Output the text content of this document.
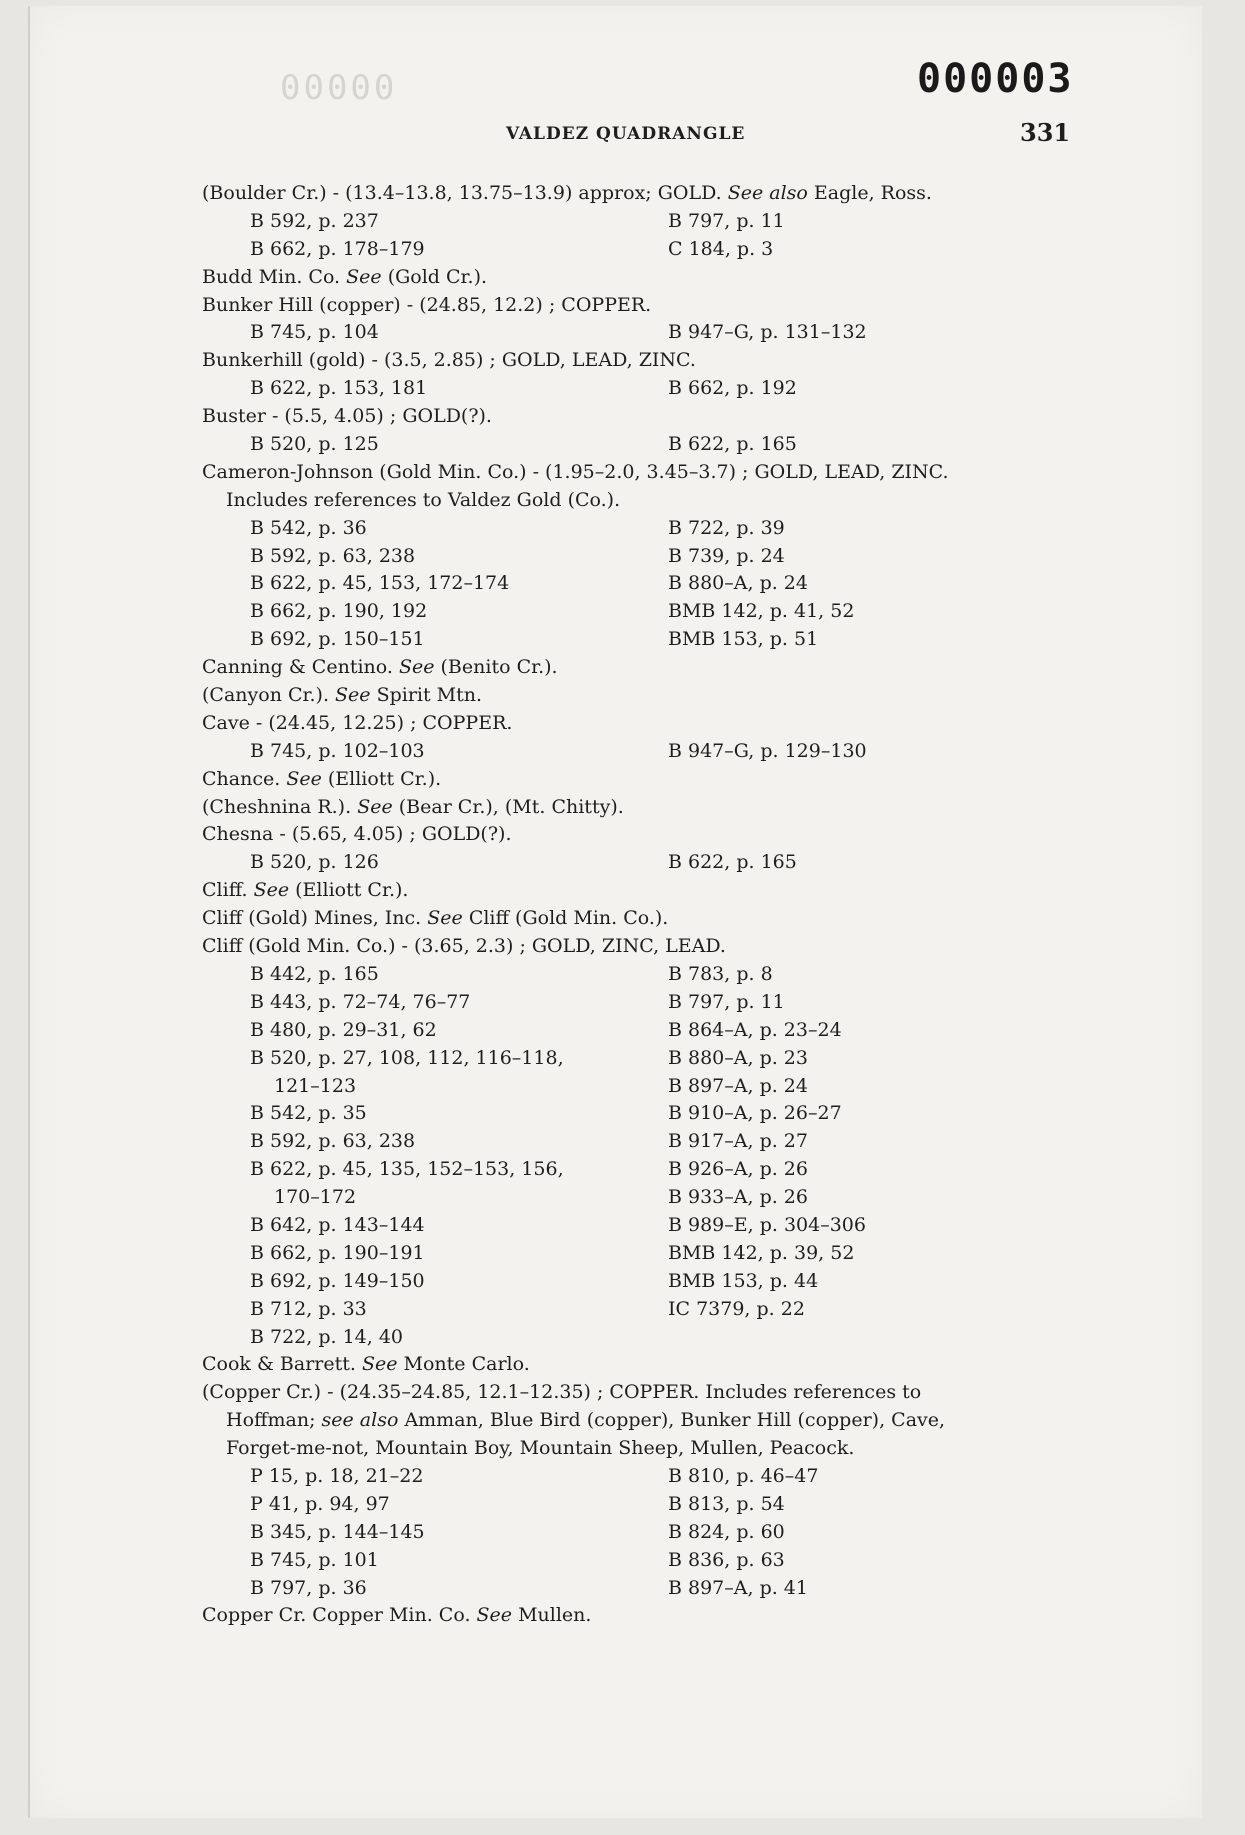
00000	000003
VALDEZ QUADRANGLE	331
(Boulder Cr.) - (13.4–13.8, 13.75–13.9) approx; GOLD. See also Eagle, Ross.
B 592, p. 237	B 797, p. 11
B 662, p. 178–179	C 184, p. 3
Budd Min. Co. See (Gold Cr.).
Bunker Hill (copper) - (24.85, 12.2) ; COPPER.
B 745, p. 104	B 947–G, p. 131–132
Bunkerhill (gold) - (3.5, 2.85) ; GOLD, LEAD, ZINC.
B 622, p. 153, 181	B 662, p. 192
Buster - (5.5, 4.05) ; GOLD(?).
B 520, p. 125	B 622, p. 165
Cameron-Johnson (Gold Min. Co.) - (1.95–2.0, 3.45–3.7) ; GOLD, LEAD, ZINC.
Includes references to Valdez Gold (Co.).
B 542, p. 36	B 722, p. 39
B 592, p. 63, 238	B 739, p. 24
B 622, p. 45, 153, 172–174	B 880–A, p. 24
B 662, p. 190, 192	BMB 142, p. 41, 52
B 692, p. 150–151	BMB 153, p. 51
Canning & Centino. See (Benito Cr.).
(Canyon Cr.). See Spirit Mtn.
Cave - (24.45, 12.25) ; COPPER.
B 745, p. 102–103	B 947–G, p. 129–130
Chance. See (Elliott Cr.).
(Cheshnina R.). See (Bear Cr.), (Mt. Chitty).
Chesna - (5.65, 4.05) ; GOLD(?).
B 520, p. 126	B 622, p. 165
Cliff. See (Elliott Cr.).
Cliff (Gold) Mines, Inc. See Cliff (Gold Min. Co.).
Cliff (Gold Min. Co.) - (3.65, 2.3) ; GOLD, ZINC, LEAD.
B 442, p. 165	B 783, p. 8
B 443, p. 72–74, 76–77	B 797, p. 11
B 480, p. 29–31, 62	B 864–A, p. 23–24
B 520, p. 27, 108, 112, 116–118,	B 880–A, p. 23
121–123	B 897–A, p. 24
B 542, p. 35	B 910–A, p. 26–27
B 592, p. 63, 238	B 917–A, p. 27
B 622, p. 45, 135, 152–153, 156,	B 926–A, p. 26
170–172	B 933–A, p. 26
B 642, p. 143–144	B 989–E, p. 304–306
B 662, p. 190–191	BMB 142, p. 39, 52
B 692, p. 149–150	BMB 153, p. 44
B 712, p. 33	IC 7379, p. 22
B 722, p. 14, 40
Cook & Barrett. See Monte Carlo.
(Copper Cr.) - (24.35–24.85, 12.1–12.35) ; COPPER. Includes references to
Hoffman; see also Amman, Blue Bird (copper), Bunker Hill (copper), Cave,
Forget-me-not, Mountain Boy, Mountain Sheep, Mullen, Peacock.
P 15, p. 18, 21–22	B 810, p. 46–47
P 41, p. 94, 97	B 813, p. 54
B 345, p. 144–145	B 824, p. 60
B 745, p. 101	B 836, p. 63
B 797, p. 36	B 897–A, p. 41
Copper Cr. Copper Min. Co. See Mullen.
